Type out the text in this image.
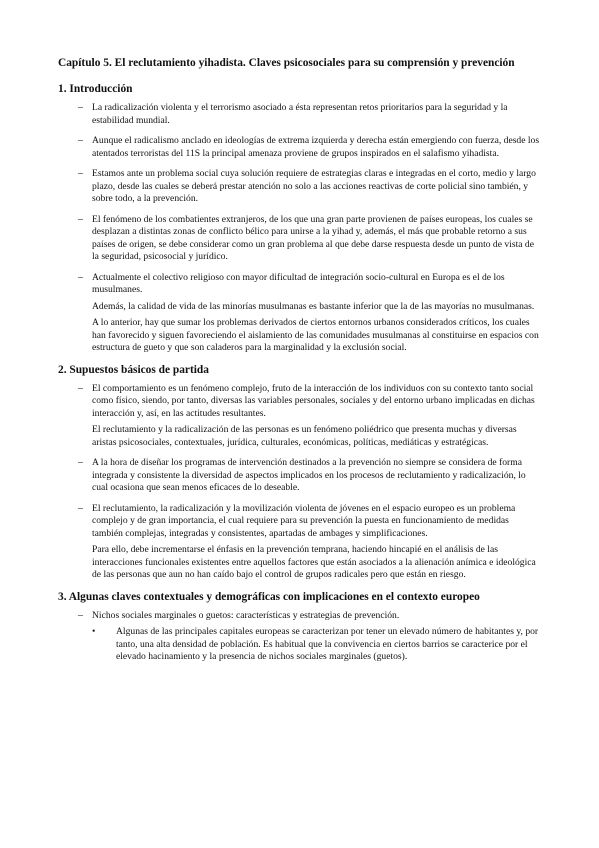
Capítulo 5. El reclutamiento yihadista. Claves psicosociales para su comprensión y prevención
1. Introducción
– La radicalización violenta y el terrorismo asociado a ésta representan retos prioritarios para la seguridad y la estabilidad mundial.

– Aunque el radicalismo anclado en ideologías de extrema izquierda y derecha están emergiendo con fuerza, desde los atentados terroristas del 11S la principal amenaza proviene de grupos inspirados en el salafismo yihadista.

– Estamos ante un problema social cuya solución requiere de estrategias claras e integradas en el corto, medio y largo plazo, desde las cuales se deberá prestar atención no solo a las acciones reactivas de corte policial sino también, y sobre todo, a la prevención.

– El fenómeno de los combatientes extranjeros, de los que una gran parte provienen de países europeas, los cuales se desplazan a distintas zonas de conflicto bélico para unirse a la yihad y, además, el más que probable retorno a sus países de origen, se debe considerar como un gran problema al que debe darse respuesta desde un punto de vista de la seguridad, psicosocial y jurídico.

– Actualmente el colectivo religioso con mayor dificultad de integración socio-cultural en Europa es el de los musulmanes.

Además, la calidad de vida de las minorías musulmanas es bastante inferior que la de las mayorías no musulmanas.

A lo anterior, hay que sumar los problemas derivados de ciertos entornos urbanos considerados críticos, los cuales han favorecido y siguen favoreciendo el aislamiento de las comunidades musulmanas al constituirse en espacios con estructura de gueto y que son caladeros para la marginalidad y la exclusión social.

2. Supuestos básicos de partida
– El comportamiento es un fenómeno complejo, fruto de la interacción de los individuos con su contexto tanto social como físico, siendo, por tanto, diversas las variables personales, sociales y del entorno urbano implicadas en dichas interacción y, así, en las actitudes resultantes.

El reclutamiento y la radicalización de las personas es un fenómeno poliédrico que presenta muchas y diversas aristas psicosociales, contextuales, jurídica, culturales, económicas, políticas, mediáticas y estratégicas.

– A la hora de diseñar los programas de intervención destinados a la prevención no siempre se considera de forma integrada y consistente la diversidad de aspectos implicados en los procesos de reclutamiento y radicalización, lo cual ocasiona que sean menos eficaces de lo deseable.

– El reclutamiento, la radicalización y la movilización violenta de jóvenes en el espacio europeo es un problema complejo y de gran importancia, el cual requiere para su prevención la puesta en funcionamiento de medidas también complejas, integradas y consistentes, apartadas de ambages y simplificaciones.

Para ello, debe incrementarse el énfasis en la prevención temprana, haciendo hincapié en el análisis de las interacciones funcionales existentes entre aquellos factores que están asociados a la alienación anímica e ideológica de las personas que aun no han caído bajo el control de grupos radicales pero que están en riesgo.

3. Algunas claves contextuales y demográficas con implicaciones en el contexto europeo
– Nichos sociales marginales o guetos: características y estrategias de prevención.

• Algunas de las principales capitales europeas se caracterizan por tener un elevado número de habitantes y, por tanto, una alta densidad de población. Es habitual que la convivencia en ciertos barrios se caracterice por el elevado hacinamiento y la presencia de nichos sociales marginales (guetos).
